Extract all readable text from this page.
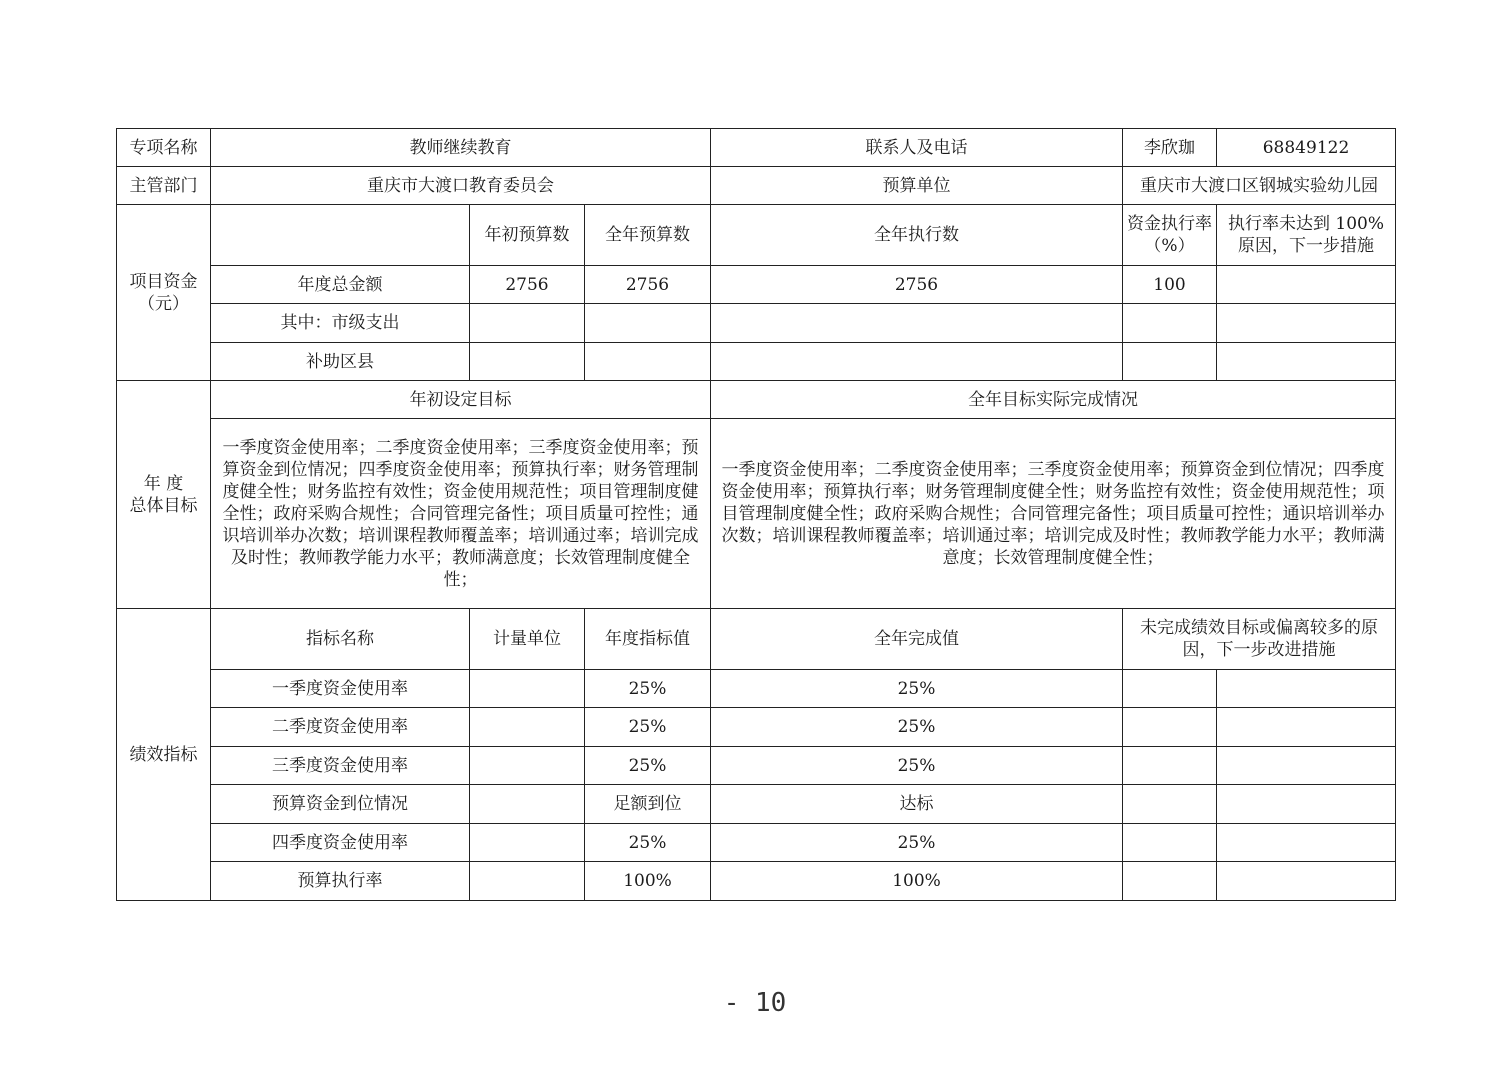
专项名称	教师继续教育			联系人及电话	李欣珈	68849122
主管部门	重庆市大渡口教育委员会			预算单位	重庆市大渡口区钢城实验幼儿园	
项目资金（元）		年初预算数	全年预算数	全年执行数	资金执行率（%）	执行率未达到 100%原因，下一步措施
	年度总金额	2756	2756	2756	100	
	其中：市级支出					
	补助区县					

年 度
总体目标	年初设定目标			全年目标实际完成情况		
	一季度资金使用率；二季度资金使用率；三季度资金使用率；预算资金到位情况；四季度资金使用率；预算执行率；财务管理制度健全性；财务监控有效性；资金使用规范性；项目管理制度健全性；政府采购合规性；合同管理完备性；项目质量可控性；通识培训举办次数；培训课程教师覆盖率；培训通过率；培训完成及时性；教师教学能力水平；教师满意度；长效管理制度健全性；			一季度资金使用率；二季度资金使用率；三季度资金使用率；预算资金到位情况；四季度资金使用率；预算执行率；财务管理制度健全性；财务监控有效性；资金使用规范性；项目管理制度健全性；政府采购合规性；合同管理完备性；项目质量可控性；通识培训举办次数；培训课程教师覆盖率；培训通过率；培训完成及时性；教师教学能力水平；教师满意度；长效管理制度健全性；		
绩效指标	指标名称	计量单位	年度指标值	全年完成值	未完成绩效目标或偏离较多的原因，下一步改进措施	
	一季度资金使用率		25%	25%		
	二季度资金使用率		25%	25%		
	三季度资金使用率		25%	25%		
	预算资金到位情况		足额到位	达标		
	四季度资金使用率		25%	25%		
	预算执行率		100%	100%		
- 10
